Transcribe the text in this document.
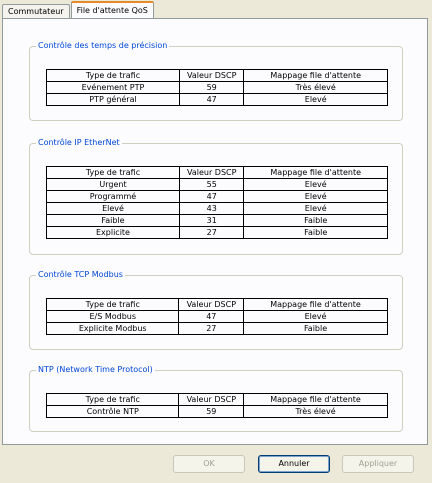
Commutateur	File d'attente QoS
Contrôle des temps de précision
Type de trafic	Valeur DSCP	Mappage file d'attente
Evénement PTP	59	Très élevé
PTP général	47	Elevé
Contrôle IP EtherNet
Type de trafic	Valeur DSCP	Mappage file d'attente
Urgent	55	Elevé
Programmé	47	Elevé
Elevé	43	Elevé
Faible	31	Faible
Explicite	27	Faible
Contrôle TCP Modbus
Type de trafic	Valeur DSCP	Mappage file d'attente
E/S Modbus	47	Elevé
Explicite Modbus	27	Faible
NTP (Network Time Protocol)
Type de trafic	Valeur DSCP	Mappage file d'attente
Contrôle NTP	59	Très élevé
OK	Annuler	Appliquer
